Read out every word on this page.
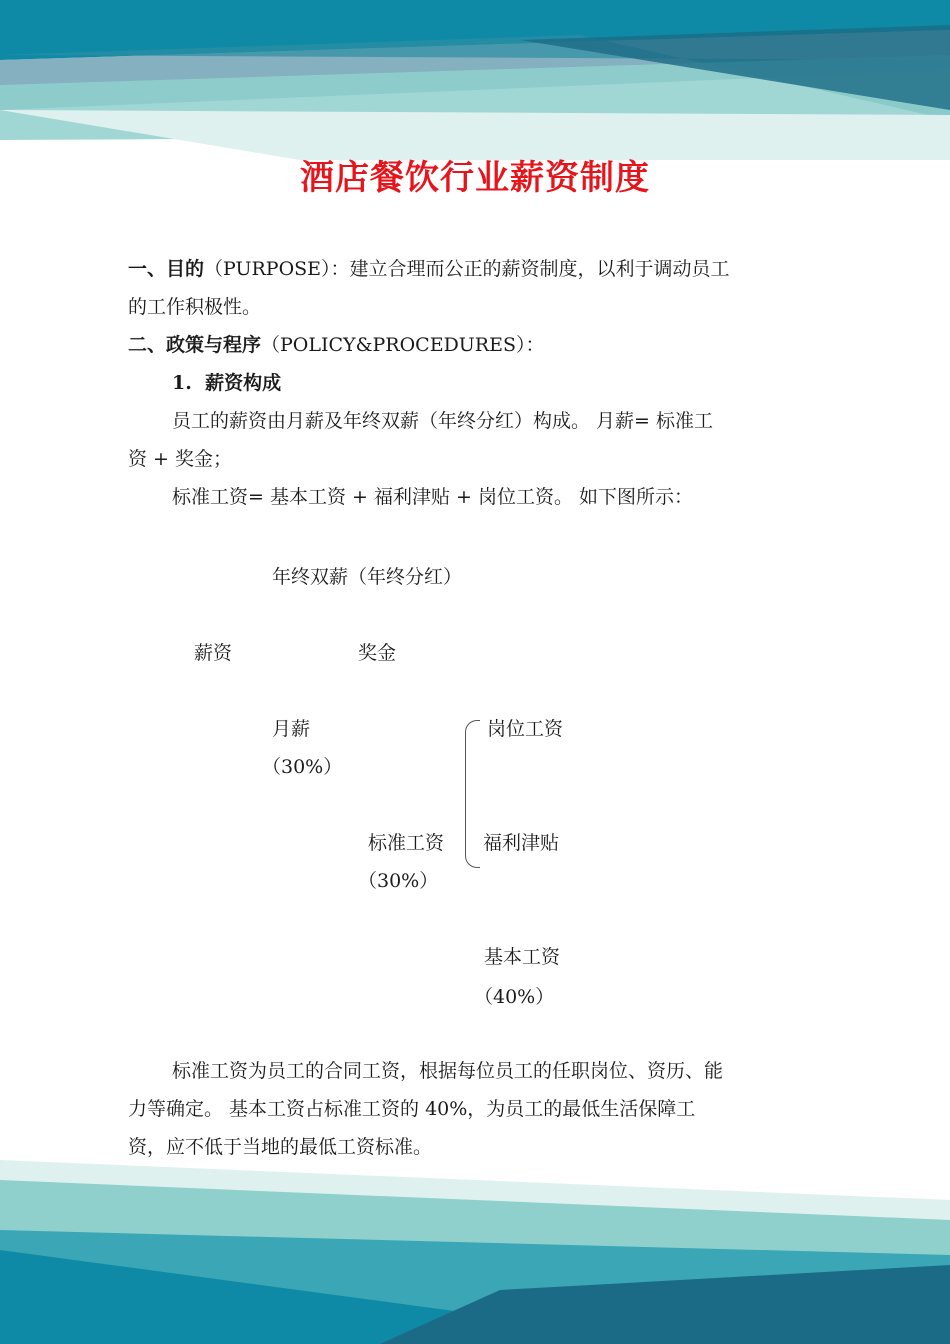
酒店餐饮行业薪资制度

一、目的（PURPOSE）：建立合理而公正的薪资制度，以利于调动员工
的工作积极性。

二、政策与程序（POLICY&PROCEDURES）：

1.  薪资构成

员工的薪资由月薪及年终双薪（年终分红）构成。 月薪= 标准工
资 + 奖金；

标准工资= 基本工资 + 福利津贴 + 岗位工资。 如下图所示：

年终双薪（年终分红）
薪资	奖金
月薪
（30%）
岗位工资
标准工资 福利津贴
（30%）
基本工资
（40%）

标准工资为员工的合同工资，根据每位员工的任职岗位、资历、能
力等确定。 基本工资占标准工资的 40%，为员工的最低生活保障工
资，应不低于当地的最低工资标准。
